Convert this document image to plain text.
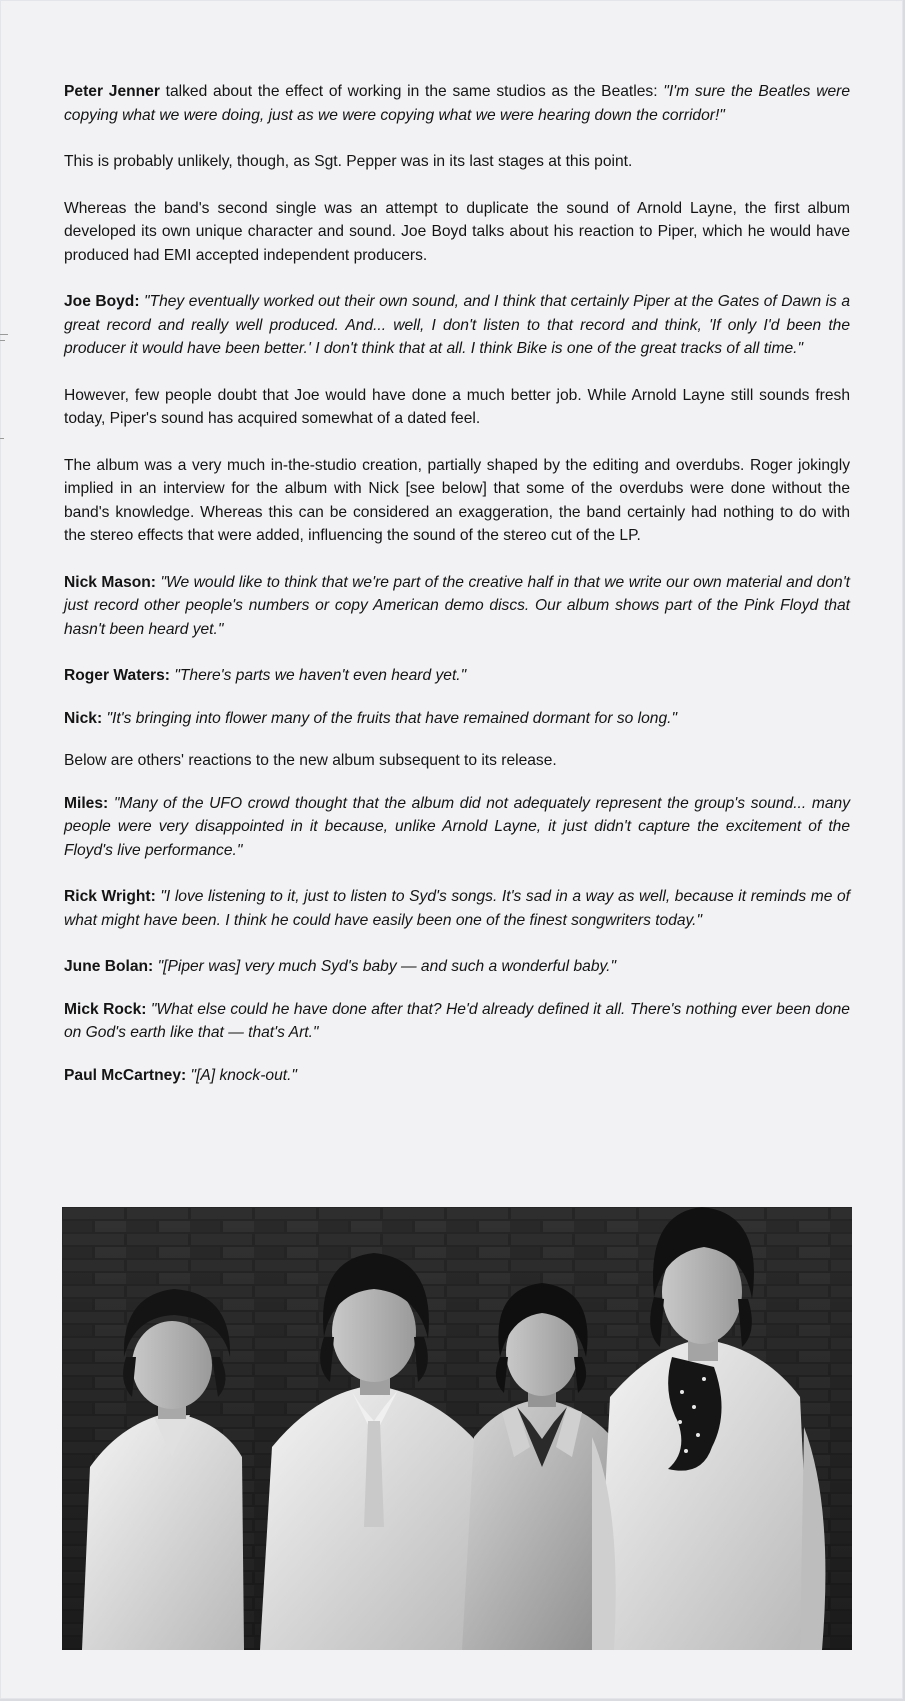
Peter Jenner talked about the effect of working in the same studios as the Beatles: "I'm sure the Beatles were copying what we were doing, just as we were copying what we were hearing down the corridor!"

This is probably unlikely, though, as Sgt. Pepper was in its last stages at this point.

Whereas the band's second single was an attempt to duplicate the sound of Arnold Layne, the first album developed its own unique character and sound. Joe Boyd talks about his reaction to Piper, which he would have produced had EMI accepted independent producers.

Joe Boyd: "They eventually worked out their own sound, and I think that certainly Piper at the Gates of Dawn is a great record and really well produced. And... well, I don't listen to that record and think, 'If only I'd been the producer it would have been better.' I don't think that at all. I think Bike is one of the great tracks of all time."

However, few people doubt that Joe would have done a much better job. While Arnold Layne still sounds fresh today, Piper's sound has acquired somewhat of a dated feel.

The album was a very much in-the-studio creation, partially shaped by the editing and overdubs. Roger jokingly implied in an interview for the album with Nick [see below] that some of the overdubs were done without the band's knowledge. Whereas this can be considered an exaggeration, the band certainly had nothing to do with the stereo effects that were added, influencing the sound of the stereo cut of the LP.

Nick Mason: "We would like to think that we're part of the creative half in that we write our own material and don't just record other people's numbers or copy American demo discs. Our album shows part of the Pink Floyd that hasn't been heard yet."

Roger Waters: "There's parts we haven't even heard yet."

Nick: "It's bringing into flower many of the fruits that have remained dormant for so long."

Below are others' reactions to the new album subsequent to its release.

Miles: "Many of the UFO crowd thought that the album did not adequately represent the group's sound... many people were very disappointed in it because, unlike Arnold Layne, it just didn't capture the excitement of the Floyd's live performance."

Rick Wright: "I love listening to it, just to listen to Syd's songs. It's sad in a way as well, because it reminds me of what might have been. I think he could have easily been one of the finest songwriters today."

June Bolan: "[Piper was] very much Syd's baby — and such a wonderful baby."

Mick Rock: "What else could he have done after that? He'd already defined it all. There's nothing ever been done on God's earth like that — that's Art."

Paul McCartney: "[A] knock-out."
